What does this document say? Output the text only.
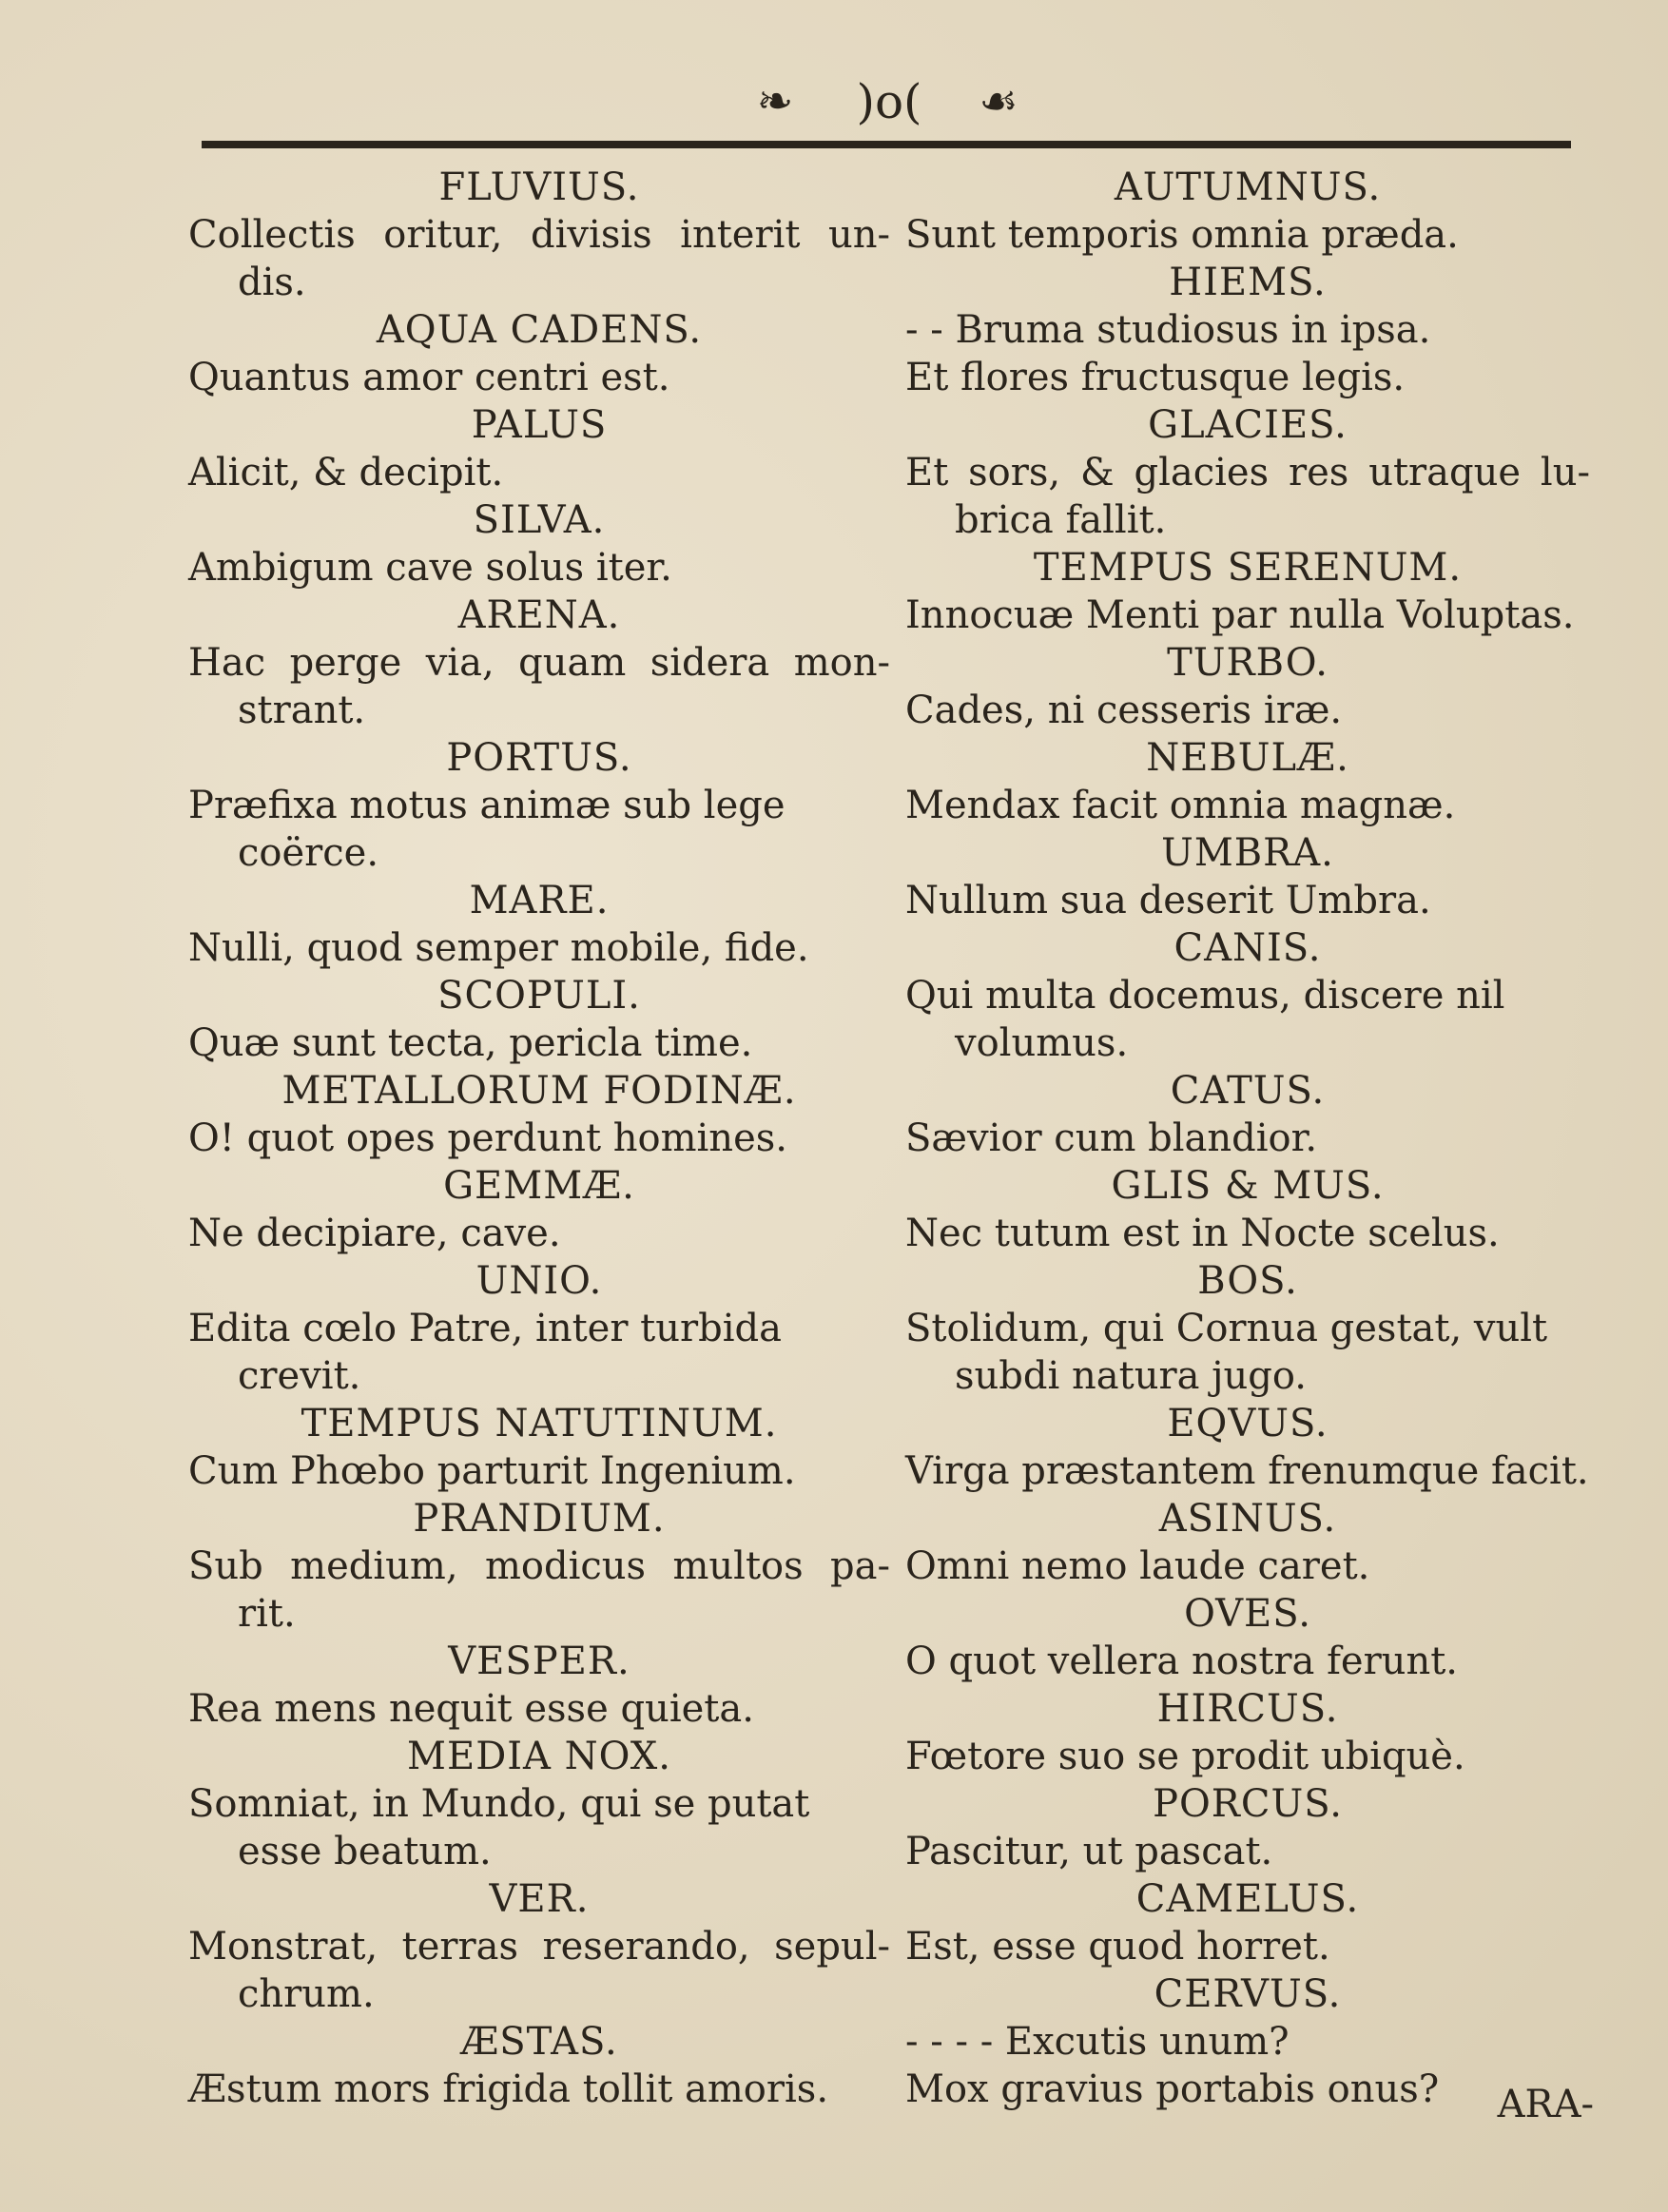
❧	)o(	☙
FLUVIUS.
Collectis oritur, divisis interit un-
dis.
AQUA CADENS.
Quantus amor centri est.
PALUS
Alicit, & decipit.
SILVA.
Ambigum cave solus iter.
ARENA.
Hac perge via, quam sidera mon-
strant.
PORTUS.
Præfixa motus animæ sub lege
coërce.
MARE.
Nulli, quod semper mobile, fide.
SCOPULI.
Quæ sunt tecta, pericla time.
METALLORUM FODINÆ.
O! quot opes perdunt homines.
GEMMÆ.
Ne decipiare, cave.
UNIO.
Edita cœlo Patre, inter turbida
crevit.
TEMPUS NATUTINUM.
Cum Phœbo parturit Ingenium.
PRANDIUM.
Sub medium, modicus multos pa-
rit.
VESPER.
Rea mens nequit esse quieta.
MEDIA NOX.
Somniat, in Mundo, qui se putat
esse beatum.
VER.
Monstrat, terras reserando, sepul-
chrum.
ÆSTAS.
Æstum mors frigida tollit amoris.
AUTUMNUS.
Sunt temporis omnia præda.
HIEMS.
- - Bruma studiosus in ipsa.
Et flores fructusque legis.
GLACIES.
Et sors, & glacies res utraque lu-
brica fallit.
TEMPUS SERENUM.
Innocuæ Menti par nulla Voluptas.
TURBO.
Cades, ni cesseris iræ.
NEBULÆ.
Mendax facit omnia magnæ.
UMBRA.
Nullum sua deserit Umbra.
CANIS.
Qui multa docemus, discere nil
volumus.
CATUS.
Sævior cum blandior.
GLIS & MUS.
Nec tutum est in Nocte scelus.
BOS.
Stolidum, qui Cornua gestat, vult
subdi natura jugo.
EQVUS.
Virga præstantem frenumque facit.
ASINUS.
Omni nemo laude caret.
OVES.
O quot vellera nostra ferunt.
HIRCUS.
Fœtore suo se prodit ubiquè.
PORCUS.
Pascitur, ut pascat.
CAMELUS.
Est, esse quod horret.
CERVUS.
- - - - Excutis unum?
Mox gravius portabis onus?	ARA-
